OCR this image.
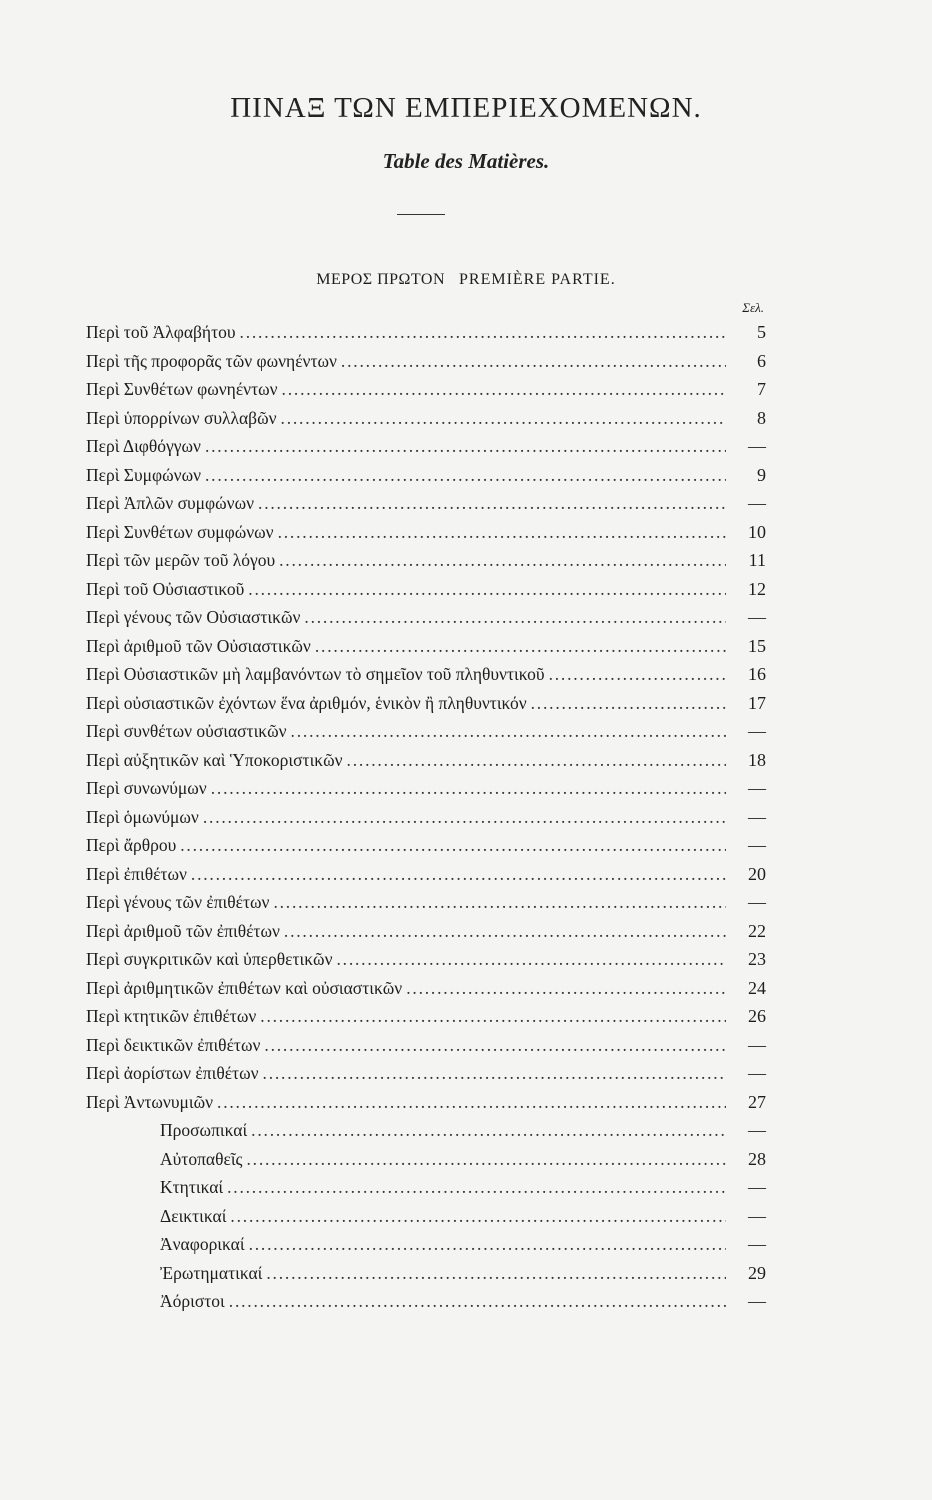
ΠΙΝΑΞ ΤΩΝ ΕΜΠΕΡΙΕΧΟΜΕΝΩΝ.
Table des Matières.
ΜΕΡΟΣ ΠΡΩΤΟΝ PREMIÈRE PARTIE.
Σελ.
Περὶ τοῦ Ἀλφαβήτου .....	5
Περὶ τῆς προφορᾶς τῶν φωνηέντων .....	6
Περὶ Συνθέτων φωνηέντων .....	7
Περὶ ὑπορρίνων συλλαβῶν .....	8
Περὶ Διφθόγγων .....	—
Περὶ Συμφώνων .....	9
Περὶ Ἀπλῶν συμφώνων .....	—
Περὶ Συνθέτων συμφώνων .....	10
Περὶ τῶν μερῶν τοῦ λόγου .....	11
Περὶ τοῦ Οὐσιαστικοῦ .....	12
Περὶ γένους τῶν Οὐσιαστικῶν .....	—
Περὶ ἀριθμοῦ τῶν Οὐσιαστικῶν .....	15
Περὶ Οὐσιαστικῶν μὴ λαμβανόντων τὸ σημεῖον τοῦ πληθυντικοῦ .....	16
Περὶ οὐσιαστικῶν ἐχόντων ἕνα ἀριθμόν, ἑνικὸν ἢ πληθυντικόν .....	17
Περὶ συνθέτων οὐσιαστικῶν .....	—
Περὶ αὐξητικῶν καὶ Ὑποκοριστικῶν .....	18
Περὶ συνωνύμων .....	—
Περὶ ὁμωνύμων .....	—
Περὶ ἄρθρου .....	—
Περὶ ἐπιθέτων .....	20
Περὶ γένους τῶν ἐπιθέτων .....	—
Περὶ ἀριθμοῦ τῶν ἐπιθέτων .....	22
Περὶ συγκριτικῶν καὶ ὑπερθετικῶν .....	23
Περὶ ἀριθμητικῶν ἐπιθέτων καὶ οὐσιαστικῶν .....	24
Περὶ κτητικῶν ἐπιθέτων .....	26
Περὶ δεικτικῶν ἐπιθέτων .....	—
Περὶ ἀορίστων ἐπιθέτων .....	—
Περὶ Ἀντωνυμιῶν .....	27
Προσωπικαί .....	—
Αὐτοπαθεῖς .....	28
Κτητικαί .....	—
Δεικτικαί .....	—
Ἀναφορικαί .....	—
Ἐρωτηματικαί .....	29
Ἀόριστοι .....	—
